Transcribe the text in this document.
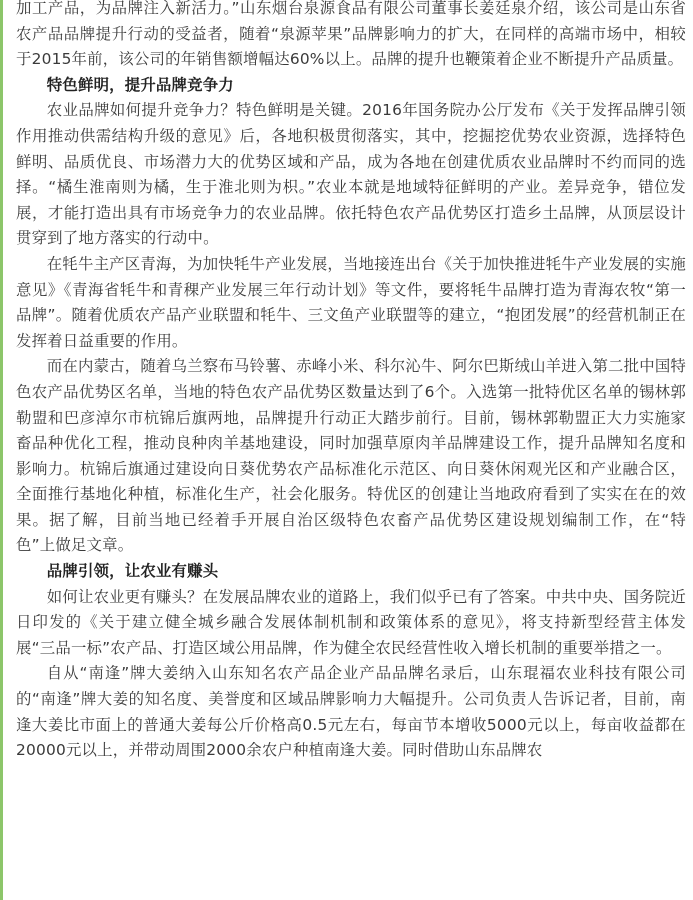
加工产品，为品牌注入新活力。”山东烟台泉源食品有限公司董事长姜廷泉介绍，该公司是山东省农产品品牌提升行动的受益者，随着“泉源苹果”品牌影响力的扩大，在同样的高端市场中，相较于2015年前，该公司的年销售额增幅达60%以上。品牌的提升也鞭策着企业不断提升产品质量。

特色鲜明，提升品牌竞争力

农业品牌如何提升竞争力？特色鲜明是关键。2016年国务院办公厅发布《关于发挥品牌引领作用推动供需结构升级的意见》后，各地积极贯彻落实，其中，挖掘挖优势农业资源，选择特色鲜明、品质优良、市场潜力大的优势区域和产品，成为各地在创建优质农业品牌时不约而同的选择。“橘生淮南则为橘，生于淮北则为枳。”农业本就是地域特征鲜明的产业。差异竞争，错位发展，才能打造出具有市场竞争力的农业品牌。依托特色农产品优势区打造乡土品牌，从顶层设计贯穿到了地方落实的行动中。

在牦牛主产区青海，为加快牦牛产业发展，当地接连出台《关于加快推进牦牛产业发展的实施意见》《青海省牦牛和青稞产业发展三年行动计划》等文件，要将牦牛品牌打造为青海农牧“第一品牌”。随着优质农产品产业联盟和牦牛、三文鱼产业联盟等的建立，“抱团发展”的经营机制正在发挥着日益重要的作用。

而在内蒙古，随着乌兰察布马铃薯、赤峰小米、科尔沁牛、阿尔巴斯绒山羊进入第二批中国特色农产品优势区名单，当地的特色农产品优势区数量达到了6个。入选第一批特优区名单的锡林郭勒盟和巴彦淖尔市杭锦后旗两地，品牌提升行动正大踏步前行。目前，锡林郭勒盟正大力实施家畜品种优化工程，推动良种肉羊基地建设，同时加强草原肉羊品牌建设工作，提升品牌知名度和影响力。杭锦后旗通过建设向日葵优势农产品标准化示范区、向日葵休闲观光区和产业融合区，全面推行基地化种植，标准化生产，社会化服务。特优区的创建让当地政府看到了实实在在的效果。据了解，目前当地已经着手开展自治区级特色农畜产品优势区建设规划编制工作，在“特色”上做足文章。

品牌引领，让农业有赚头

如何让农业更有赚头？在发展品牌农业的道路上，我们似乎已有了答案。中共中央、国务院近日印发的《关于建立健全城乡融合发展体制机制和政策体系的意见》，将支持新型经营主体发展“三品一标”农产品、打造区域公用品牌，作为健全农民经营性收入增长机制的重要举措之一。

自从“南逢”牌大姜纳入山东知名农产品企业产品品牌名录后，山东琨福农业科技有限公司的“南逢”牌大姜的知名度、美誉度和区域品牌影响力大幅提升。公司负责人告诉记者，目前，南逢大姜比市面上的普通大姜每公斤价格高0.5元左右，每亩节本增收5000元以上，每亩收益都在20000元以上，并带动周围2000余农户种植南逢大姜。同时借助山东品牌农
